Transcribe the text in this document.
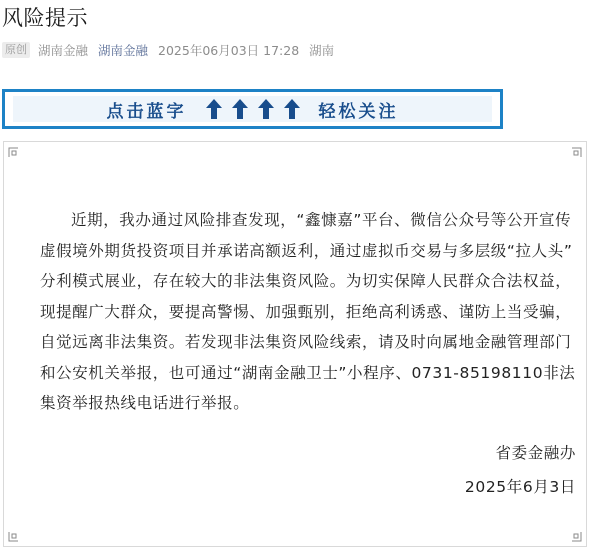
风险提示
原创 湖南金融 湖南金融 2025年06月03日 17:28 湖南
点击蓝字	轻松关注
近期，我办通过风险排查发现，“鑫慷嘉”平台、微信公众号等公开宣传
虚假境外期货投资项目并承诺高额返利，通过虚拟币交易与多层级“拉人头”
分利模式展业，存在较大的非法集资风险。为切实保障人民群众合法权益，
现提醒广大群众，要提高警惕、加强甄别，拒绝高利诱惑、谨防上当受骗，
自觉远离非法集资。若发现非法集资风险线索，请及时向属地金融管理部门
和公安机关举报，也可通过“湖南金融卫士”小程序、0731-85198110非法
集资举报热线电话进行举报。
省委金融办
2025年6月3日
